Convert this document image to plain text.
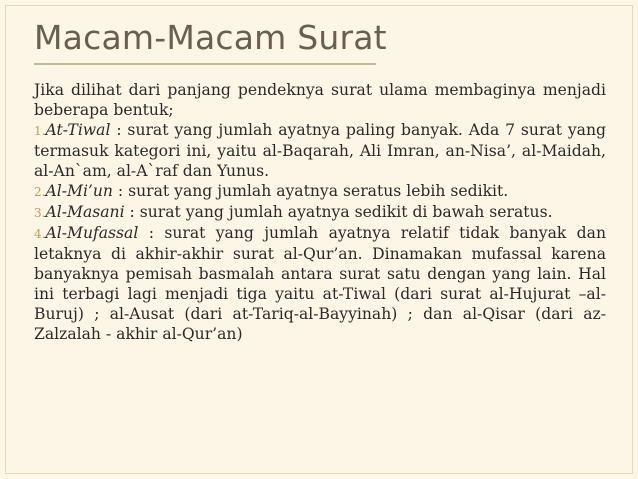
Macam-Macam Surat

Jika dilihat dari panjang pendeknya surat ulama membaginya menjadi beberapa bentuk;

1.At-Tiwal : surat yang jumlah ayatnya paling banyak. Ada 7 surat yang termasuk kategori ini, yaitu al-Baqarah, Ali Imran, an-Nisa’, al-Maidah, al-An`am, al-A`raf dan Yunus.

2.Al-Mi’un : surat yang jumlah ayatnya seratus lebih sedikit.

3.Al-Masani : surat yang jumlah ayatnya sedikit di bawah seratus.

4.Al-Mufassal : surat yang jumlah ayatnya relatif tidak banyak dan letaknya di akhir-akhir surat al-Qur’an. Dinamakan mufassal karena banyaknya pemisah basmalah antara surat satu dengan yang lain. Hal ini terbagi lagi menjadi tiga yaitu at-Tiwal (dari surat al-Hujurat –al-Buruj) ; al-Ausat (dari at-Tariq-al-Bayyinah) ; dan al-Qisar (dari az-Zalzalah - akhir al-Qur’an)
